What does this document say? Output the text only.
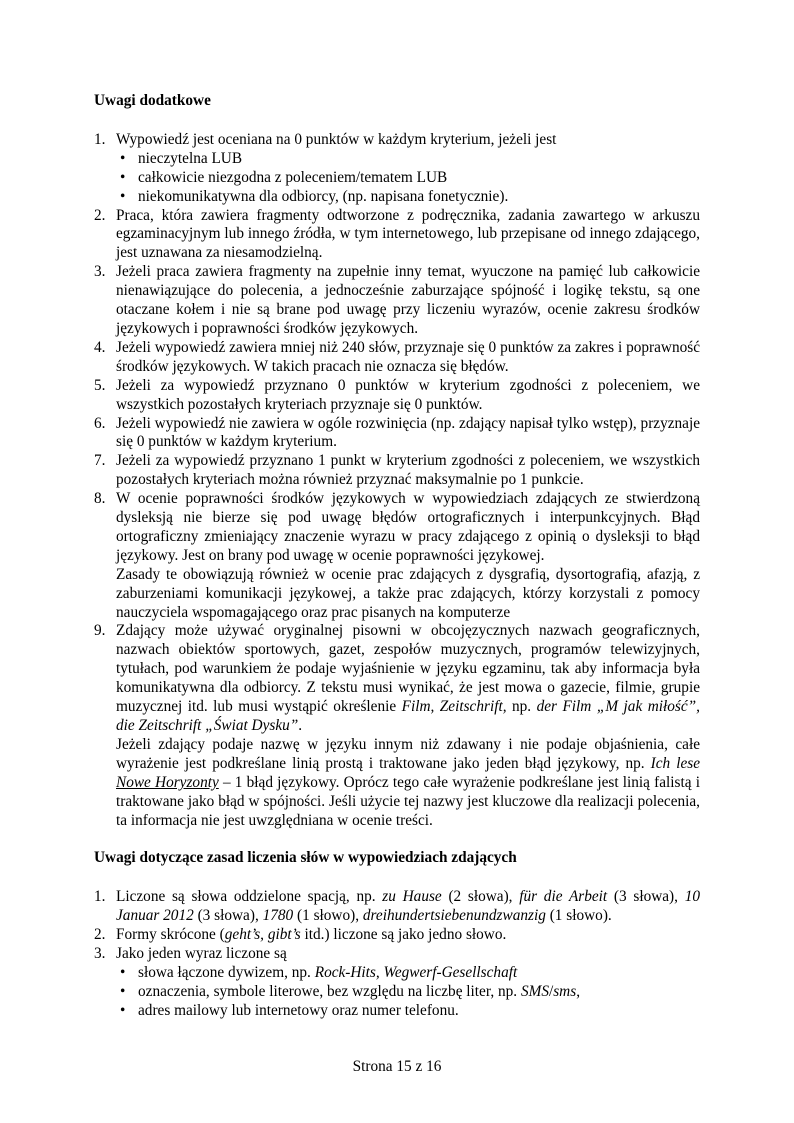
Uwagi dodatkowe
1. Wypowiedź jest oceniana na 0 punktów w każdym kryterium, jeżeli jest

• nieczytelna LUB
• całkowicie niezgodna z poleceniem/tematem LUB
• niekomunikatywna dla odbiorcy, (np. napisana fonetycznie).
2. Praca, która zawiera fragmenty odtworzone z podręcznika, zadania zawartego w arkuszu egzaminacyjnym lub innego źródła, w tym internetowego, lub przepisane od innego zdającego, jest uznawana za niesamodzielną.

3. Jeżeli praca zawiera fragmenty na zupełnie inny temat, wyuczone na pamięć lub całkowicie nienawiązujące do polecenia, a jednocześnie zaburzające spójność i logikę tekstu, są one otaczane kołem i nie są brane pod uwagę przy liczeniu wyrazów, ocenie zakresu środków językowych i poprawności środków językowych.

4. Jeżeli wypowiedź zawiera mniej niż 240 słów, przyznaje się 0 punktów za zakres i poprawność środków językowych. W takich pracach nie oznacza się błędów.

5. Jeżeli za wypowiedź przyznano 0 punktów w kryterium zgodności z poleceniem, we wszystkich pozostałych kryteriach przyznaje się 0 punktów.

6. Jeżeli wypowiedź nie zawiera w ogóle rozwinięcia (np. zdający napisał tylko wstęp), przyznaje się 0 punktów w każdym kryterium.

7. Jeżeli za wypowiedź przyznano 1 punkt w kryterium zgodności z poleceniem, we wszystkich pozostałych kryteriach można również przyznać maksymalnie po 1 punkcie.

8. W ocenie poprawności środków językowych w wypowiedziach zdających ze stwierdzoną dysleksją nie bierze się pod uwagę błędów ortograficznych i interpunkcyjnych. Błąd ortograficzny zmieniający znaczenie wyrazu w pracy zdającego z opinią o dysleksji to błąd językowy. Jest on brany pod uwagę w ocenie poprawności językowej.

Zasady te obowiązują również w ocenie prac zdających z dysgrafią, dysortografią, afazją, z zaburzeniami komunikacji językowej, a także prac zdających, którzy korzystali z pomocy nauczyciela wspomagającego oraz prac pisanych na komputerze

9. Zdający może używać oryginalnej pisowni w obcojęzycznych nazwach geograficznych, nazwach obiektów sportowych, gazet, zespołów muzycznych, programów telewizyjnych, tytułach, pod warunkiem że podaje wyjaśnienie w języku egzaminu, tak aby informacja była komunikatywna dla odbiorcy. Z tekstu musi wynikać, że jest mowa o gazecie, filmie, grupie muzycznej itd. lub musi wystąpić określenie Film, Zeitschrift, np. der Film „M jak miłość”, die Zeitschrift „Świat Dysku”.

Jeżeli zdający podaje nazwę w języku innym niż zdawany i nie podaje objaśnienia, całe wyrażenie jest podkreślane linią prostą i traktowane jako jeden błąd językowy, np. Ich lese Nowe Horyzonty – 1 błąd językowy. Oprócz tego całe wyrażenie podkreślane jest linią falistą i traktowane jako błąd w spójności. Jeśli użycie tej nazwy jest kluczowe dla realizacji polecenia, ta informacja nie jest uwzględniana w ocenie treści.

Uwagi dotyczące zasad liczenia słów w wypowiedziach zdających
1. Liczone są słowa oddzielone spacją, np. zu Hause (2 słowa), für die Arbeit (3 słowa), 10 Januar 2012 (3 słowa), 1780 (1 słowo), dreihundertsiebenundzwanzig (1 słowo).

2. Formy skrócone (geht’s, gibt’s itd.) liczone są jako jedno słowo.

3. Jako jeden wyraz liczone są

• słowa łączone dywizem, np. Rock-Hits, Wegwerf-Gesellschaft
• oznaczenia, symbole literowe, bez względu na liczbę liter, np. SMS/sms,
• adres mailowy lub internetowy oraz numer telefonu.
Strona 15 z 16
